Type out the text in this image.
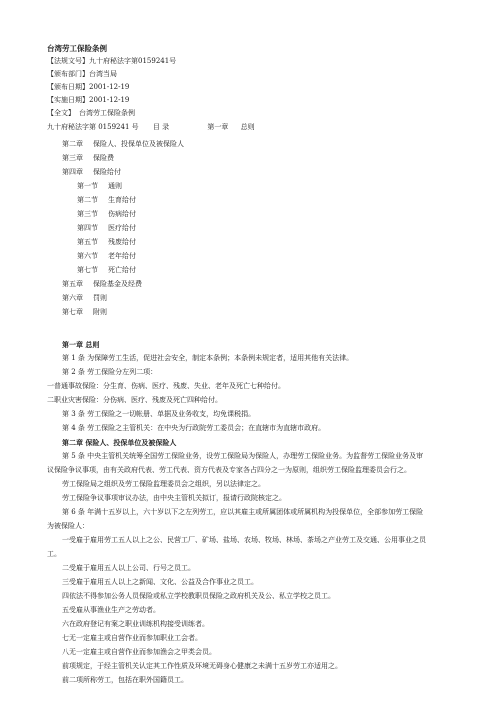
台湾劳工保险条例
【法规文号】九十府秘法字第0159241号
【颁布部门】台湾当局
【颁布日期】2001-12-19
【实施日期】2001-12-19
【全文】 台湾劳工保险条例
九十府秘法字第 0159241 号 目 录	第一章 总则
第二章 保险人、投保单位及被保险人
第三章 保险费
第四章 保险给付
第一节 通则
第二节 生育给付
第三节 伤病给付
第四节 医疗给付
第五节 残废给付
第六节 老年给付
第七节 死亡给付
第五章 保险基金及经费
第六章 罚则
第七章 附则
第一章 总则
第 1 条 为保障劳工生活，促进社会安全，制定本条例；本条例未规定者，适用其他有关法律。
第 2 条 劳工保险分左列二项：
一普通事故保险：分生育、伤病、医疗、残废、失业、老年及死亡七种给付。
二职业灾害保险：分伤病、医疗、残废及死亡四种给付。
第 3 条 劳工保险之一切帐册、单据及业务收支，均免课税捐。
第 4 条 劳工保险之主管机关：在中央为行政院劳工委员会；在直辖市为直辖市政府。
第二章 保险人、投保单位及被保险人
第 5 条 中央主管机关统筹全国劳工保险业务，设劳工保险局为保险人，办理劳工保险业务。为监督劳工保险业务及审
议保险争议事项，由有关政府代表、劳工代表、资方代表及专家各占四分之一为原则，组织劳工保险监理委员会行之。
劳工保险局之组织及劳工保险监理委员会之组织，另以法律定之。
劳工保险争议事项审议办法，由中央主管机关拟订，报请行政院核定之。
第 6 条 年满十五岁以上，六十岁以下之左列劳工，应以其雇主或所属团体或所属机构为投保单位，全部参加劳工保险
为被保险人：
一受雇于雇用劳工五人以上之公、民营工厂、矿场、盐场、农场、牧场、林场、茶场之产业劳工及交通、公用事业之员
工。
二受雇于雇用五人以上公司、行号之员工。
三受雇于雇用五人以上之新闻、文化、公益及合作事业之员工。
四依法不得参加公务人员保险或私立学校教职员保险之政府机关及公、私立学校之员工。
五受雇从事渔业生产之劳动者。
六在政府登记有案之职业训练机构接受训练者。
七无一定雇主或自营作业而参加职业工会者。
八无一定雇主或自营作业而参加渔会之甲类会员。
前项规定，于经主管机关认定其工作性质及环境无碍身心健康之未满十五岁劳工亦适用之。
前二项所称劳工，包括在职外国籍员工。
